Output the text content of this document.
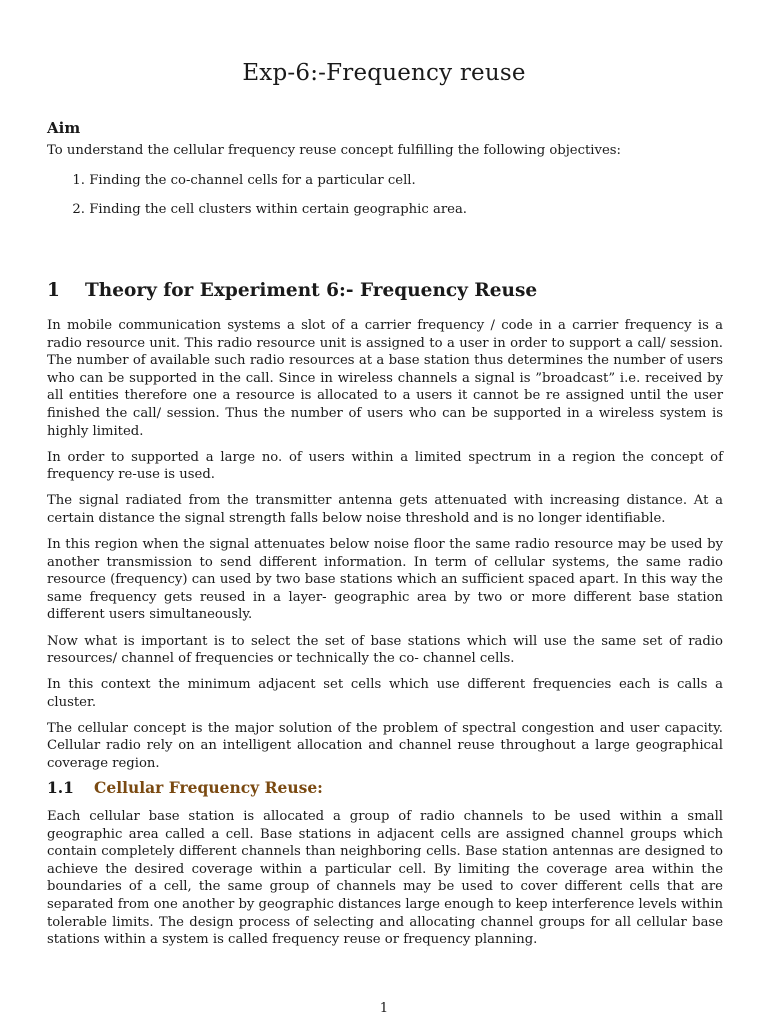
Exp-6:-Frequency reuse
Aim

To understand the cellular frequency reuse concept fulfilling the following objectives:

1. Finding the co-channel cells for a particular cell.
2. Finding the cell clusters within certain geographic area.
1 Theory for Experiment 6:- Frequency Reuse

In mobile communication systems a slot of a carrier frequency / code in a carrier frequency is a radio resource unit. This radio resource unit is assigned to a user in order to support a call/ session. The number of available such radio resources at a base station thus determines the number of users who can be supported in the call. Since in wireless channels a signal is ”broadcast” i.e. received by all entities therefore one a resource is allocated to a users it cannot be re assigned until the user finished the call/ session. Thus the number of users who can be supported in a wireless system is highly limited.

In order to supported a large no. of users within a limited spectrum in a region the concept of frequency re-use is used.

The signal radiated from the transmitter antenna gets attenuated with increasing distance. At a certain distance the signal strength falls below noise threshold and is no longer identifiable.

In this region when the signal attenuates below noise floor the same radio resource may be used by another transmission to send different information. In term of cellular systems, the same radio resource (frequency) can used by two base stations which an sufficient spaced apart. In this way the same frequency gets reused in a layer- geographic area by two or more different base station different users simultaneously.

Now what is important is to select the set of base stations which will use the same set of radio resources/ channel of frequencies or technically the co- channel cells.

In this context the minimum adjacent set cells which use different frequencies each is calls a cluster.

The cellular concept is the major solution of the problem of spectral congestion and user capacity. Cellular radio rely on an intelligent allocation and channel reuse throughout a large geographical coverage region.

1.1 Cellular Frequency Reuse:

Each cellular base station is allocated a group of radio channels to be used within a small geographic area called a cell. Base stations in adjacent cells are assigned channel groups which contain completely different channels than neighboring cells. Base station antennas are designed to achieve the desired coverage within a particular cell. By limiting the coverage area within the boundaries of a cell, the same group of channels may be used to cover different cells that are separated from one another by geographic distances large enough to keep interference levels within tolerable limits. The design process of selecting and allocating channel groups for all cellular base stations within a system is called frequency reuse or frequency planning.

1
